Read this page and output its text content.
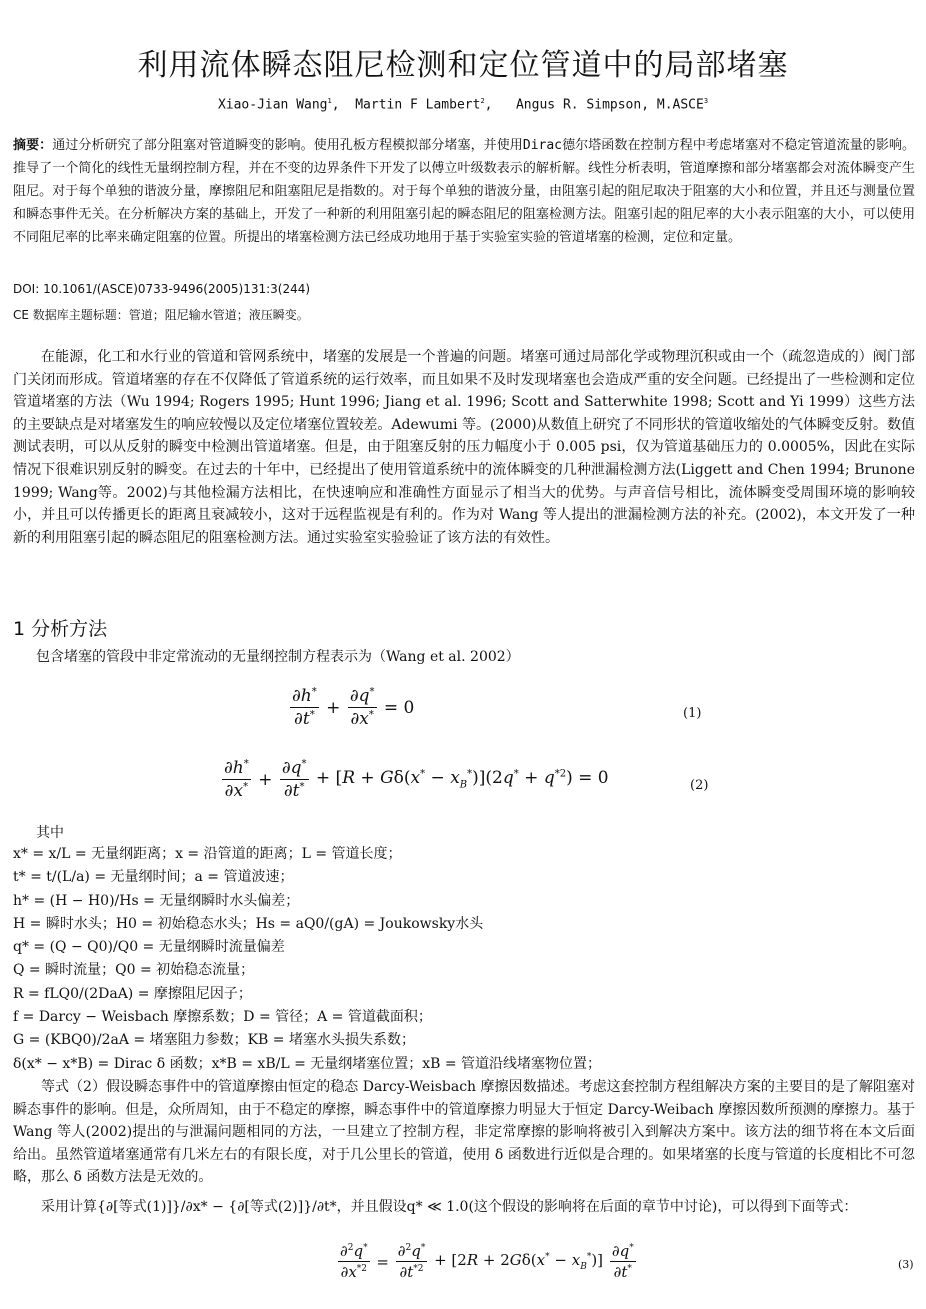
利用流体瞬态阻尼检测和定位管道中的局部堵塞
Xiao-Jian Wang$^1$,  Martin F Lambert$^2$,   Angus R. Simpson, M.ASCE$^3$
摘要：通过分析研究了部分阻塞对管道瞬变的影响。使用孔板方程模拟部分堵塞，并使用Dirac德尔塔函数在控制方程中考虑堵塞对不稳定管道流量的影响。推导了一个简化的线性无量纲控制方程，并在不变的边界条件下开发了以傅立叶级数表示的解析解。线性分析表明，管道摩擦和部分堵塞都会对流体瞬变产生阻尼。对于每个单独的谐波分量，摩擦阻尼和阻塞阻尼是指数的。对于每个单独的谐波分量，由阻塞引起的阻尼取决于阻塞的大小和位置，并且还与测量位置和瞬态事件无关。在分析解决方案的基础上，开发了一种新的利用阻塞引起的瞬态阻尼的阻塞检测方法。阻塞引起的阻尼率的大小表示阻塞的大小，可以使用不同阻尼率的比率来确定阻塞的位置。所提出的堵塞检测方法已经成功地用于基于实验室实验的管道堵塞的检测，定位和定量。
DOI: 10.1061/(ASCE)0733-9496(2005)131:3(244)
CE 数据库主题标题：管道；阻尼输水管道；液压瞬变。
在能源，化工和水行业的管道和管网系统中，堵塞的发展是一个普遍的问题。堵塞可通过局部化学或物理沉积或由一个（疏忽造成的）阀门部门关闭而形成。管道堵塞的存在不仅降低了管道系统的运行效率，而且如果不及时发现堵塞也会造成严重的安全问题。已经提出了一些检测和定位管道堵塞的方法（Wu 1994; Rogers 1995; Hunt 1996; Jiang et al. 1996; Scott and Satterwhite 1998; Scott and Yi 1999）这些方法的主要缺点是对堵塞发生的响应较慢以及定位堵塞位置较差。Adewumi 等。(2000)从数值上研究了不同形状的管道收缩处的气体瞬变反射。数值测试表明，可以从反射的瞬变中检测出管道堵塞。但是，由于阻塞反射的压力幅度小于 0.005 psi，仅为管道基础压力的 0.0005%，因此在实际情况下很难识别反射的瞬变。在过去的十年中，已经提出了使用管道系统中的流体瞬变的几种泄漏检测方法(Liggett and Chen 1994; Brunone 1999; Wang等。2002)与其他检漏方法相比，在快速响应和准确性方面显示了相当大的优势。与声音信号相比，流体瞬变受周围环境的影响较小，并且可以传播更长的距离且衰减较小，这对于远程监视是有利的。作为对 Wang 等人提出的泄漏检测方法的补充。(2002)，本文开发了一种新的利用阻塞引起的瞬态阻尼的阻塞检测方法。通过实验室实验验证了该方法的有效性。
1 分析方法
包含堵塞的管段中非定常流动的无量纲控制方程表示为（Wang et al. 2002）
$\frac{\partial h^*}{\partial t^*} + \frac{\partial q^*}{\partial x^*} = 0$	(1)
$\frac{\partial h^*}{\partial x^*} + \frac{\partial q^*}{\partial t^*} + [R + G\delta(x^* - x_B^*)](2q^* + q^{*2}) = 0$	(2)
其中
x* = x/L = 无量纲距离；x = 沿管道的距离；L = 管道长度；
t* = t/(L/a) = 无量纲时间；a = 管道波速；
h* = (H − H0)/Hs = 无量纲瞬时水头偏差；
H = 瞬时水头；H0 = 初始稳态水头；Hs = aQ0/(gA) = Joukowsky水头
q* = (Q − Q0)/Q0 = 无量纲瞬时流量偏差
Q = 瞬时流量；Q0 = 初始稳态流量；
R = fLQ0/(2DaA) = 摩擦阻尼因子；
f = Darcy − Weisbach 摩擦系数；D = 管径；A = 管道截面积；
G = (KBQ0)/2aA = 堵塞阻力参数；KB = 堵塞水头损失系数；
δ(x* − x*B) = Dirac δ 函数；x*B = xB/L = 无量纲堵塞位置；xB = 管道沿线堵塞物位置；
等式（2）假设瞬态事件中的管道摩擦由恒定的稳态 Darcy-Weisbach 摩擦因数描述。考虑这套控制方程组解决方案的主要目的是了解阻塞对瞬态事件的影响。但是，众所周知，由于不稳定的摩擦，瞬态事件中的管道摩擦力明显大于恒定 Darcy-Weibach 摩擦因数所预测的摩擦力。基于 Wang 等人(2002)提出的与泄漏问题相同的方法，一旦建立了控制方程，非定常摩擦的影响将被引入到解决方案中。该方法的细节将在本文后面给出。虽然管道堵塞通常有几米左右的有限长度，对于几公里长的管道，使用 δ 函数进行近似是合理的。如果堵塞的长度与管道的长度相比不可忽略，那么 δ 函数方法是无效的。
采用计算{∂[等式(1)]}/∂x* − {∂[等式(2)]}/∂t*，并且假设q* ≪ 1.0(这个假设的影响将在后面的章节中讨论)，可以得到下面等式：
$\frac{\partial^2q^*}{\partial x^{*2}} = \frac{\partial^2q^*}{\partial t^{*2}} + [2R + 2G\delta(x^* - x_B^*)] \frac{\partial q^*}{\partial t^*}$	(3)
